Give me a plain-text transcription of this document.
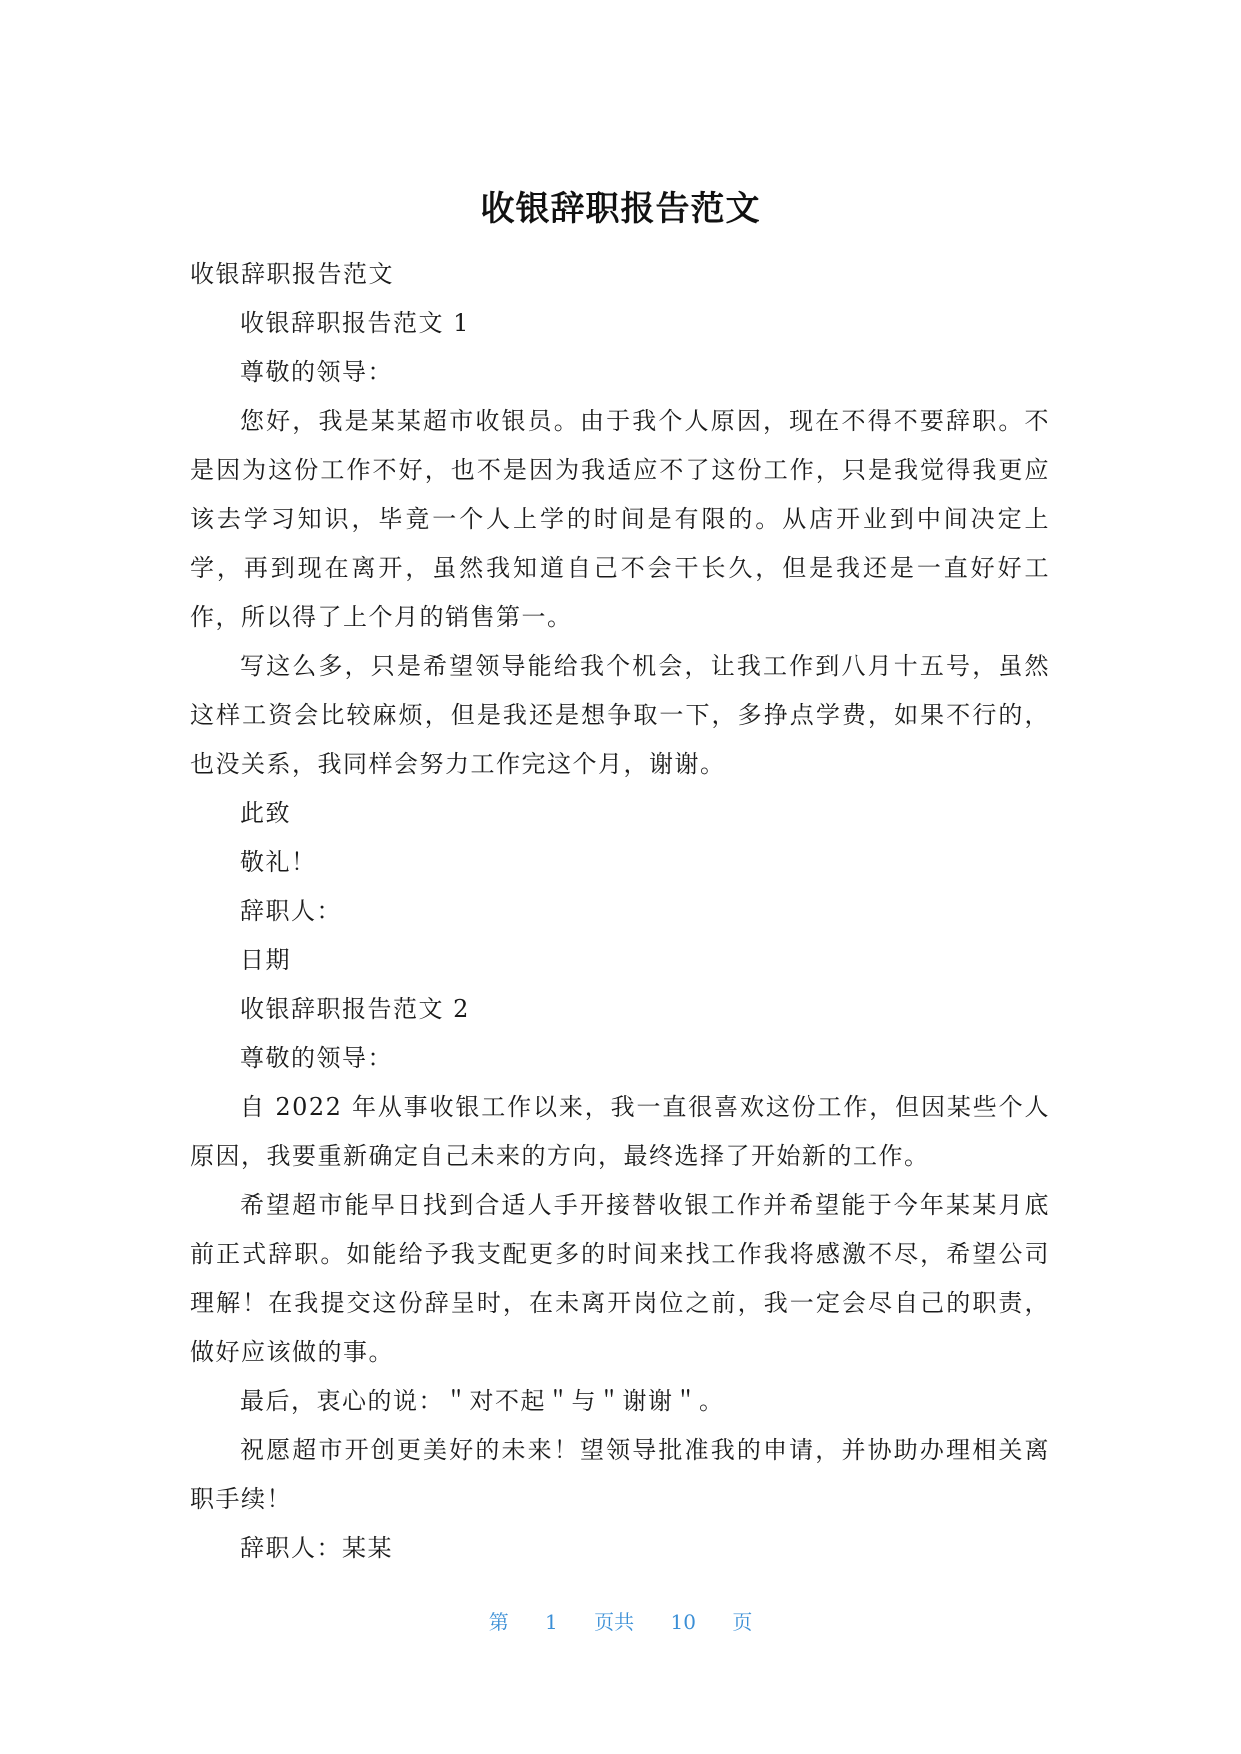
收银辞职报告范文

收银辞职报告范文

收银辞职报告范文 1

尊敬的领导：

您好，我是某某超市收银员。由于我个人原因，现在不得不要辞职。不是因为这份工作不好，也不是因为我适应不了这份工作，只是我觉得我更应该去学习知识，毕竟一个人上学的时间是有限的。从店开业到中间决定上学，再到现在离开，虽然我知道自己不会干长久，但是我还是一直好好工作，所以得了上个月的销售第一。

写这么多，只是希望领导能给我个机会，让我工作到八月十五号，虽然这样工资会比较麻烦，但是我还是想争取一下，多挣点学费，如果不行的，也没关系，我同样会努力工作完这个月，谢谢。

此致

敬礼！

辞职人：

日期

收银辞职报告范文 2

尊敬的领导：

自 2022 年从事收银工作以来，我一直很喜欢这份工作，但因某些个人原因，我要重新确定自己未来的方向，最终选择了开始新的工作。

希望超市能早日找到合适人手开接替收银工作并希望能于今年某某月底前正式辞职。如能给予我支配更多的时间来找工作我将感激不尽，希望公司理解！在我提交这份辞呈时，在未离开岗位之前，我一定会尽自己的职责，做好应该做的事。

最后，衷心的说：＂对不起＂与＂谢谢＂。

祝愿超市开创更美好的未来！望领导批准我的申请，并协助办理相关离职手续！

辞职人：某某

第 1 页共 10 页
